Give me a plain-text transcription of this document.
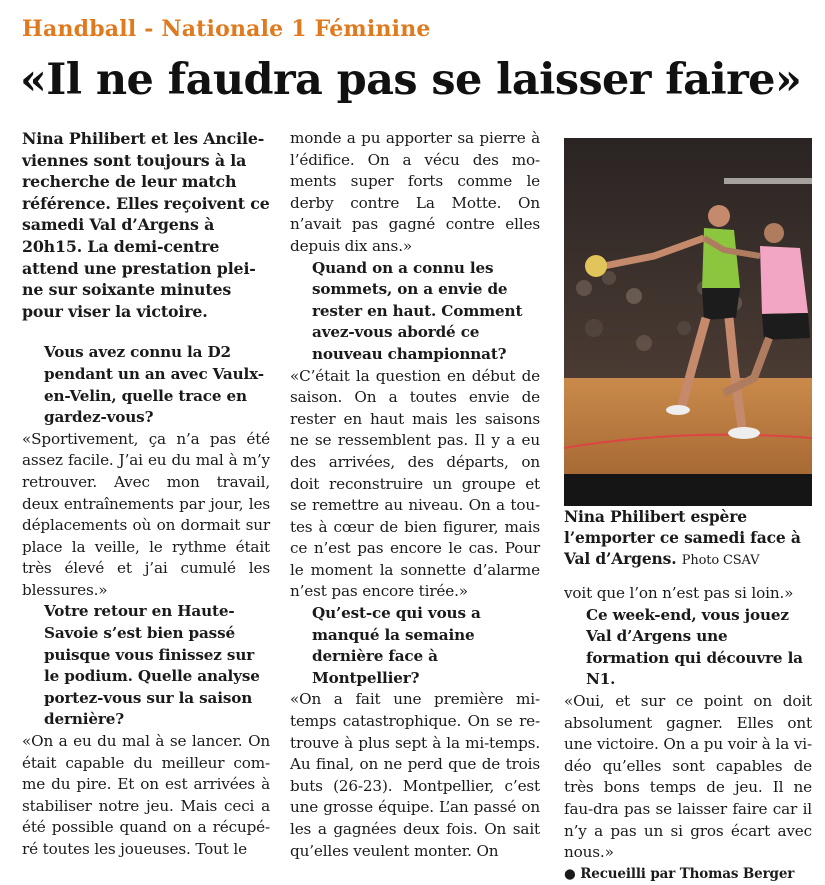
Handball - Nationale 1 Féminine
«Il ne faudra pas se laisser faire»

Nina Philibert et les Ancile-viennes sont toujours à la recherche de leur match référence. Elles reçoivent ce samedi Val d’Argens à 20h15. La demi-centre attend une prestation plei-ne sur soixante minutes pour viser la victoire.

Vous avez connu la D2 pendant un an avec Vaulx-en-Velin, quelle trace en gardez-vous?

«Sportivement, ça n’a pas été assez facile. J’ai eu du mal à m’y retrouver. Avec mon travail, deux entraînements par jour, les déplacements où on dormait sur place la veille, le rythme était très élevé et j’ai cumulé les blessures.»

Votre retour en Haute-Savoie s’est bien passé puisque vous finissez sur le podium. Quelle analyse portez-vous sur la saison dernière?

«On a eu du mal à se lancer. On était capable du meilleur com-me du pire. Et on est arrivées à stabiliser notre jeu. Mais ceci a été possible quand on a récupé-ré toutes les joueuses. Tout le

monde a pu apporter sa pierre à l’édifice. On a vécu des mo-ments super forts comme le derby contre La Motte. On n’avait pas gagné contre elles depuis dix ans.»

Quand on a connu les sommets, on a envie de rester en haut. Comment avez-vous abordé ce nouveau championnat?

«C’était la question en début de saison. On a toutes envie de rester en haut mais les saisons ne se ressemblent pas. Il y a eu des arrivées, des départs, on doit reconstruire un groupe et se remettre au niveau. On a tou-tes à cœur de bien figurer, mais ce n’est pas encore le cas. Pour le moment la sonnette d’alarme n’est pas encore tirée.»

Qu’est-ce qui vous a manqué la semaine dernière face à Montpellier?

«On a fait une première mi-temps catastrophique. On se re-trouve à plus sept à la mi-temps. Au final, on ne perd que de trois buts (26-23). Montpellier, c’est une grosse équipe. L’an passé on les a gagnées deux fois. On sait qu’elles veulent monter. On

Nina Philibert espère l’emporter ce samedi face à Val d’Argens. Photo CSAV

voit que l’on n’est pas si loin.»

Ce week-end, vous jouez Val d’Argens une formation qui découvre la N1.

«Oui, et sur ce point on doit absolument gagner. Elles ont une victoire. On a pu voir à la vi-déo qu’elles sont capables de très bons temps de jeu. Il ne fau-dra pas se laisser faire car il n’y a pas un si gros écart avec nous.»

● Recueilli par Thomas Berger
